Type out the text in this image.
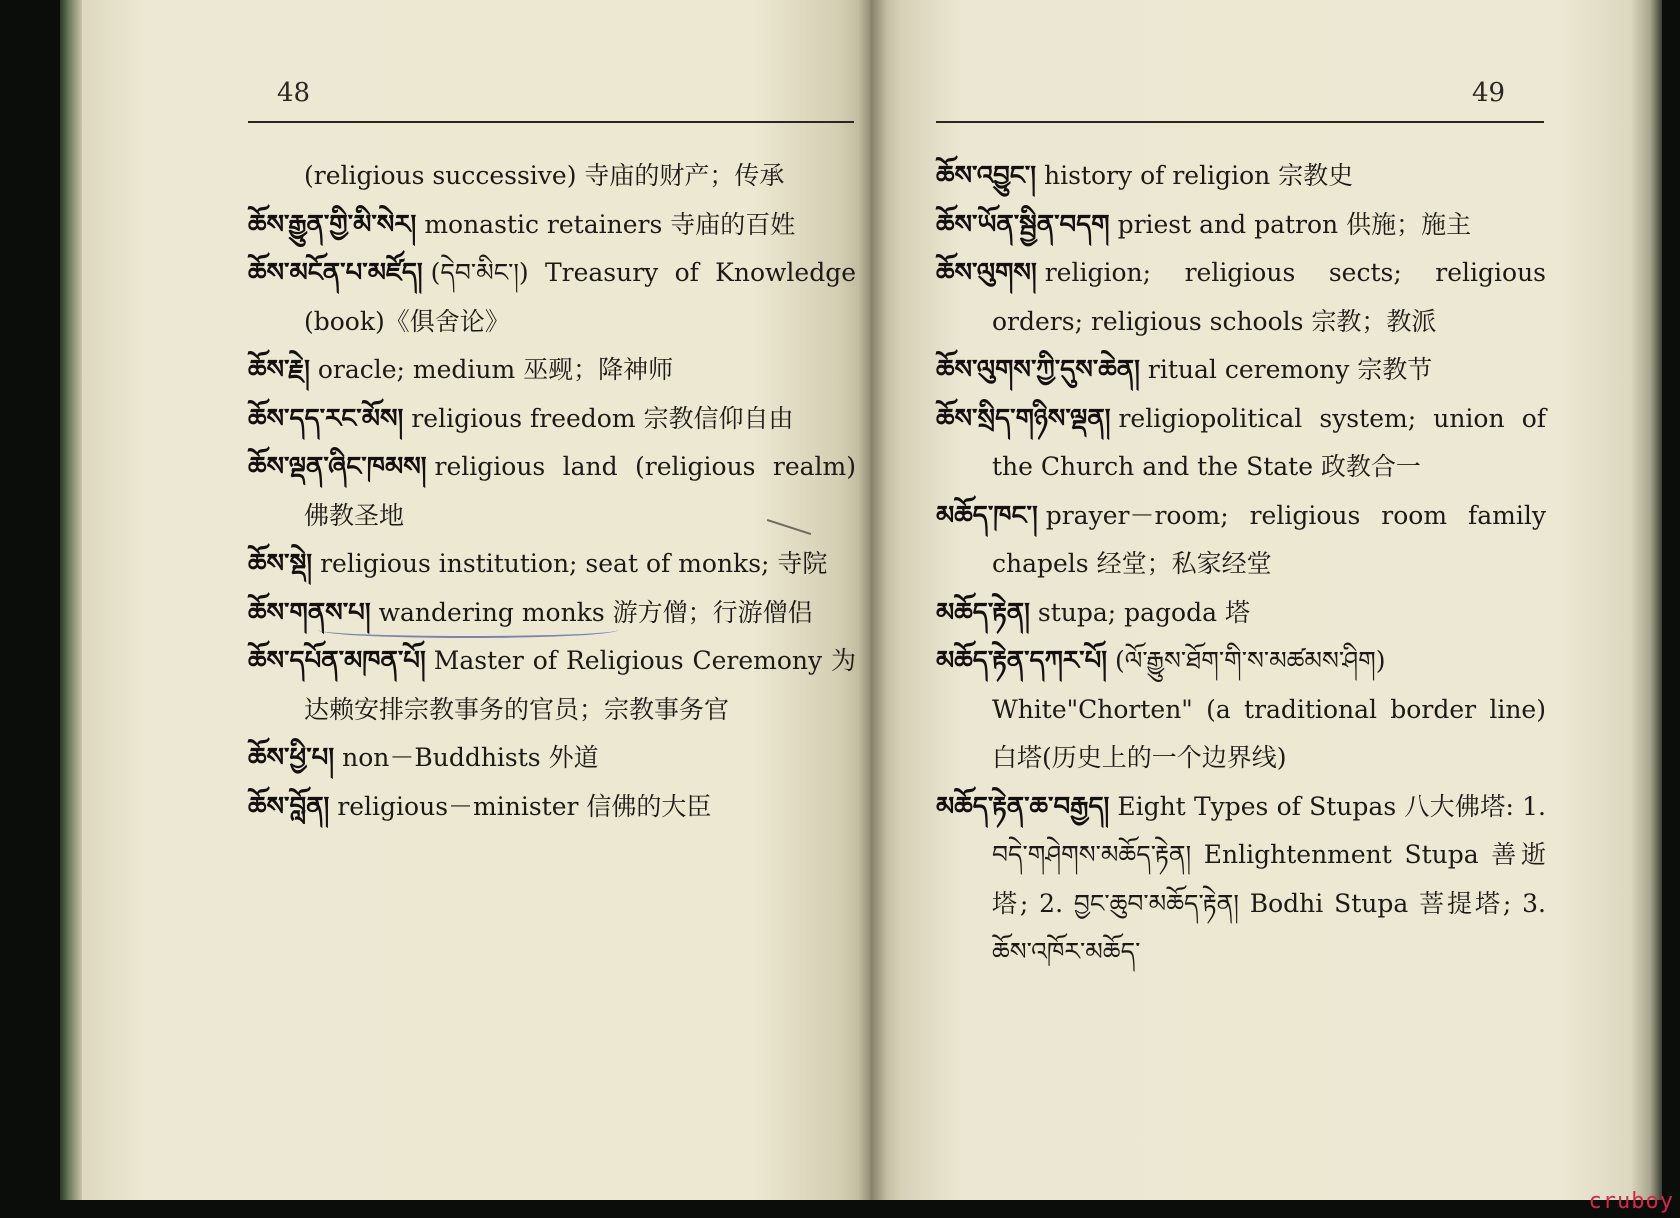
48

(religious successive) 寺庙的财产；传承

ཆོས་རྒྱུན་གྱི་མི་སེར། monastic retainers 寺庙的百姓

ཆོས་མངོན་པ་མཛོད། (དེབ་མིང་།) Treasury of Knowledge (book)《俱舍论》

ཆོས་རྗེ། oracle; medium 巫觋；降神师

ཆོས་དད་རང་མོས། religious freedom 宗教信仰自由

ཆོས་ལྡན་ཞིང་ཁམས། religious land (religious realm) 佛教圣地

ཆོས་སྡེ། religious institution; seat of monks; 寺院

ཆོས་གནས་པ། wandering monks 游方僧；行游僧侣

ཆོས་དཔོན་མཁན་པོ། Master of Religious Ceremony 为达赖安排宗教事务的官员；宗教事务官

ཆོས་ཕྱི་པ། non－Buddhists 外道

ཆོས་བློན། religious－minister 信佛的大臣

49

ཆོས་འབྱུང་། history of religion 宗教史

ཆོས་ཡོན་སྦྱིན་བདག priest and patron 供施；施主

ཆོས་ལུགས། religion; religious sects; religious orders; religious schools 宗教；教派

ཆོས་ལུགས་ཀྱི་དུས་ཆེན། ritual ceremony 宗教节

ཆོས་སྲིད་གཉིས་ལྡན། religiopolitical system; union of the Church and the State 政教合一

མཆོད་ཁང་། prayer－room; religious room family chapels 经堂；私家经堂

མཆོད་རྟེན། stupa; pagoda 塔

མཆོད་རྟེན་དཀར་པོ། (ལོ་རྒྱུས་ཐོག་གི་ས་མཚམས་ཤིག) White"Chorten" (a traditional border line) 白塔(历史上的一个边界线)

མཆོད་རྟེན་ཆ་བརྒྱད། Eight Types of Stupas 八大佛塔: 1. བདེ་གཤེགས་མཆོད་རྟེན། Enlightenment Stupa 善逝塔; 2. བྱང་ཆུབ་མཆོད་རྟེན། Bodhi Stupa 菩提塔; 3. ཆོས་འཁོར་མཆོད་

cruboy
